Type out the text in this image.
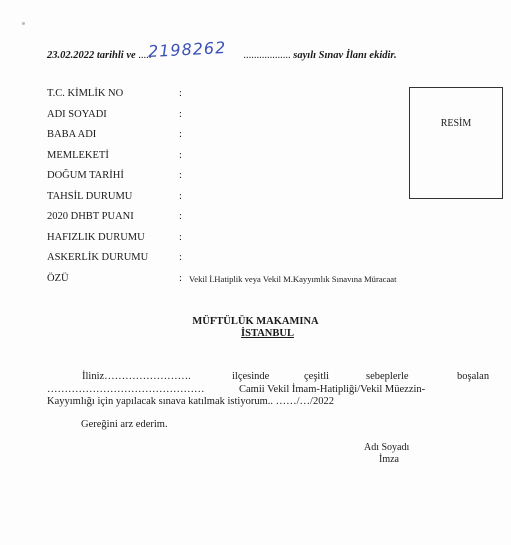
23.02.2022 tarihli ve .....	.................. sayılı Sınav İlanı ekidir.
2198262
T.C. KİMLİK NO	:
ADI SOYADI	:
BABA ADI	:
MEMLEKETİ	:
DOĞUM TARİHİ	:
TAHSİL DURUMU	:
2020 DHBT PUANI	:
HAFIZLIK DURUMU	:
ASKERLİK DURUMU	:
ÖZÜ	: Vekil İ.Hatiplik veya Vekil M.Kayyımlık Sınavına Müracaat
RESİM
MÜFTÜLÜK MAKAMINA
İSTANBUL
İliniz…………………….	ilçesinde	çeşitli	sebeplerle	boşalan
………………………………………	Camii Vekil İmam-Hatipliği/Vekil Müezzin-
Kayyımlığı için yapılacak sınava katılmak istiyorum.. ……/…/2022
Gereğini arz ederim.
Adı Soyadı
İmza
